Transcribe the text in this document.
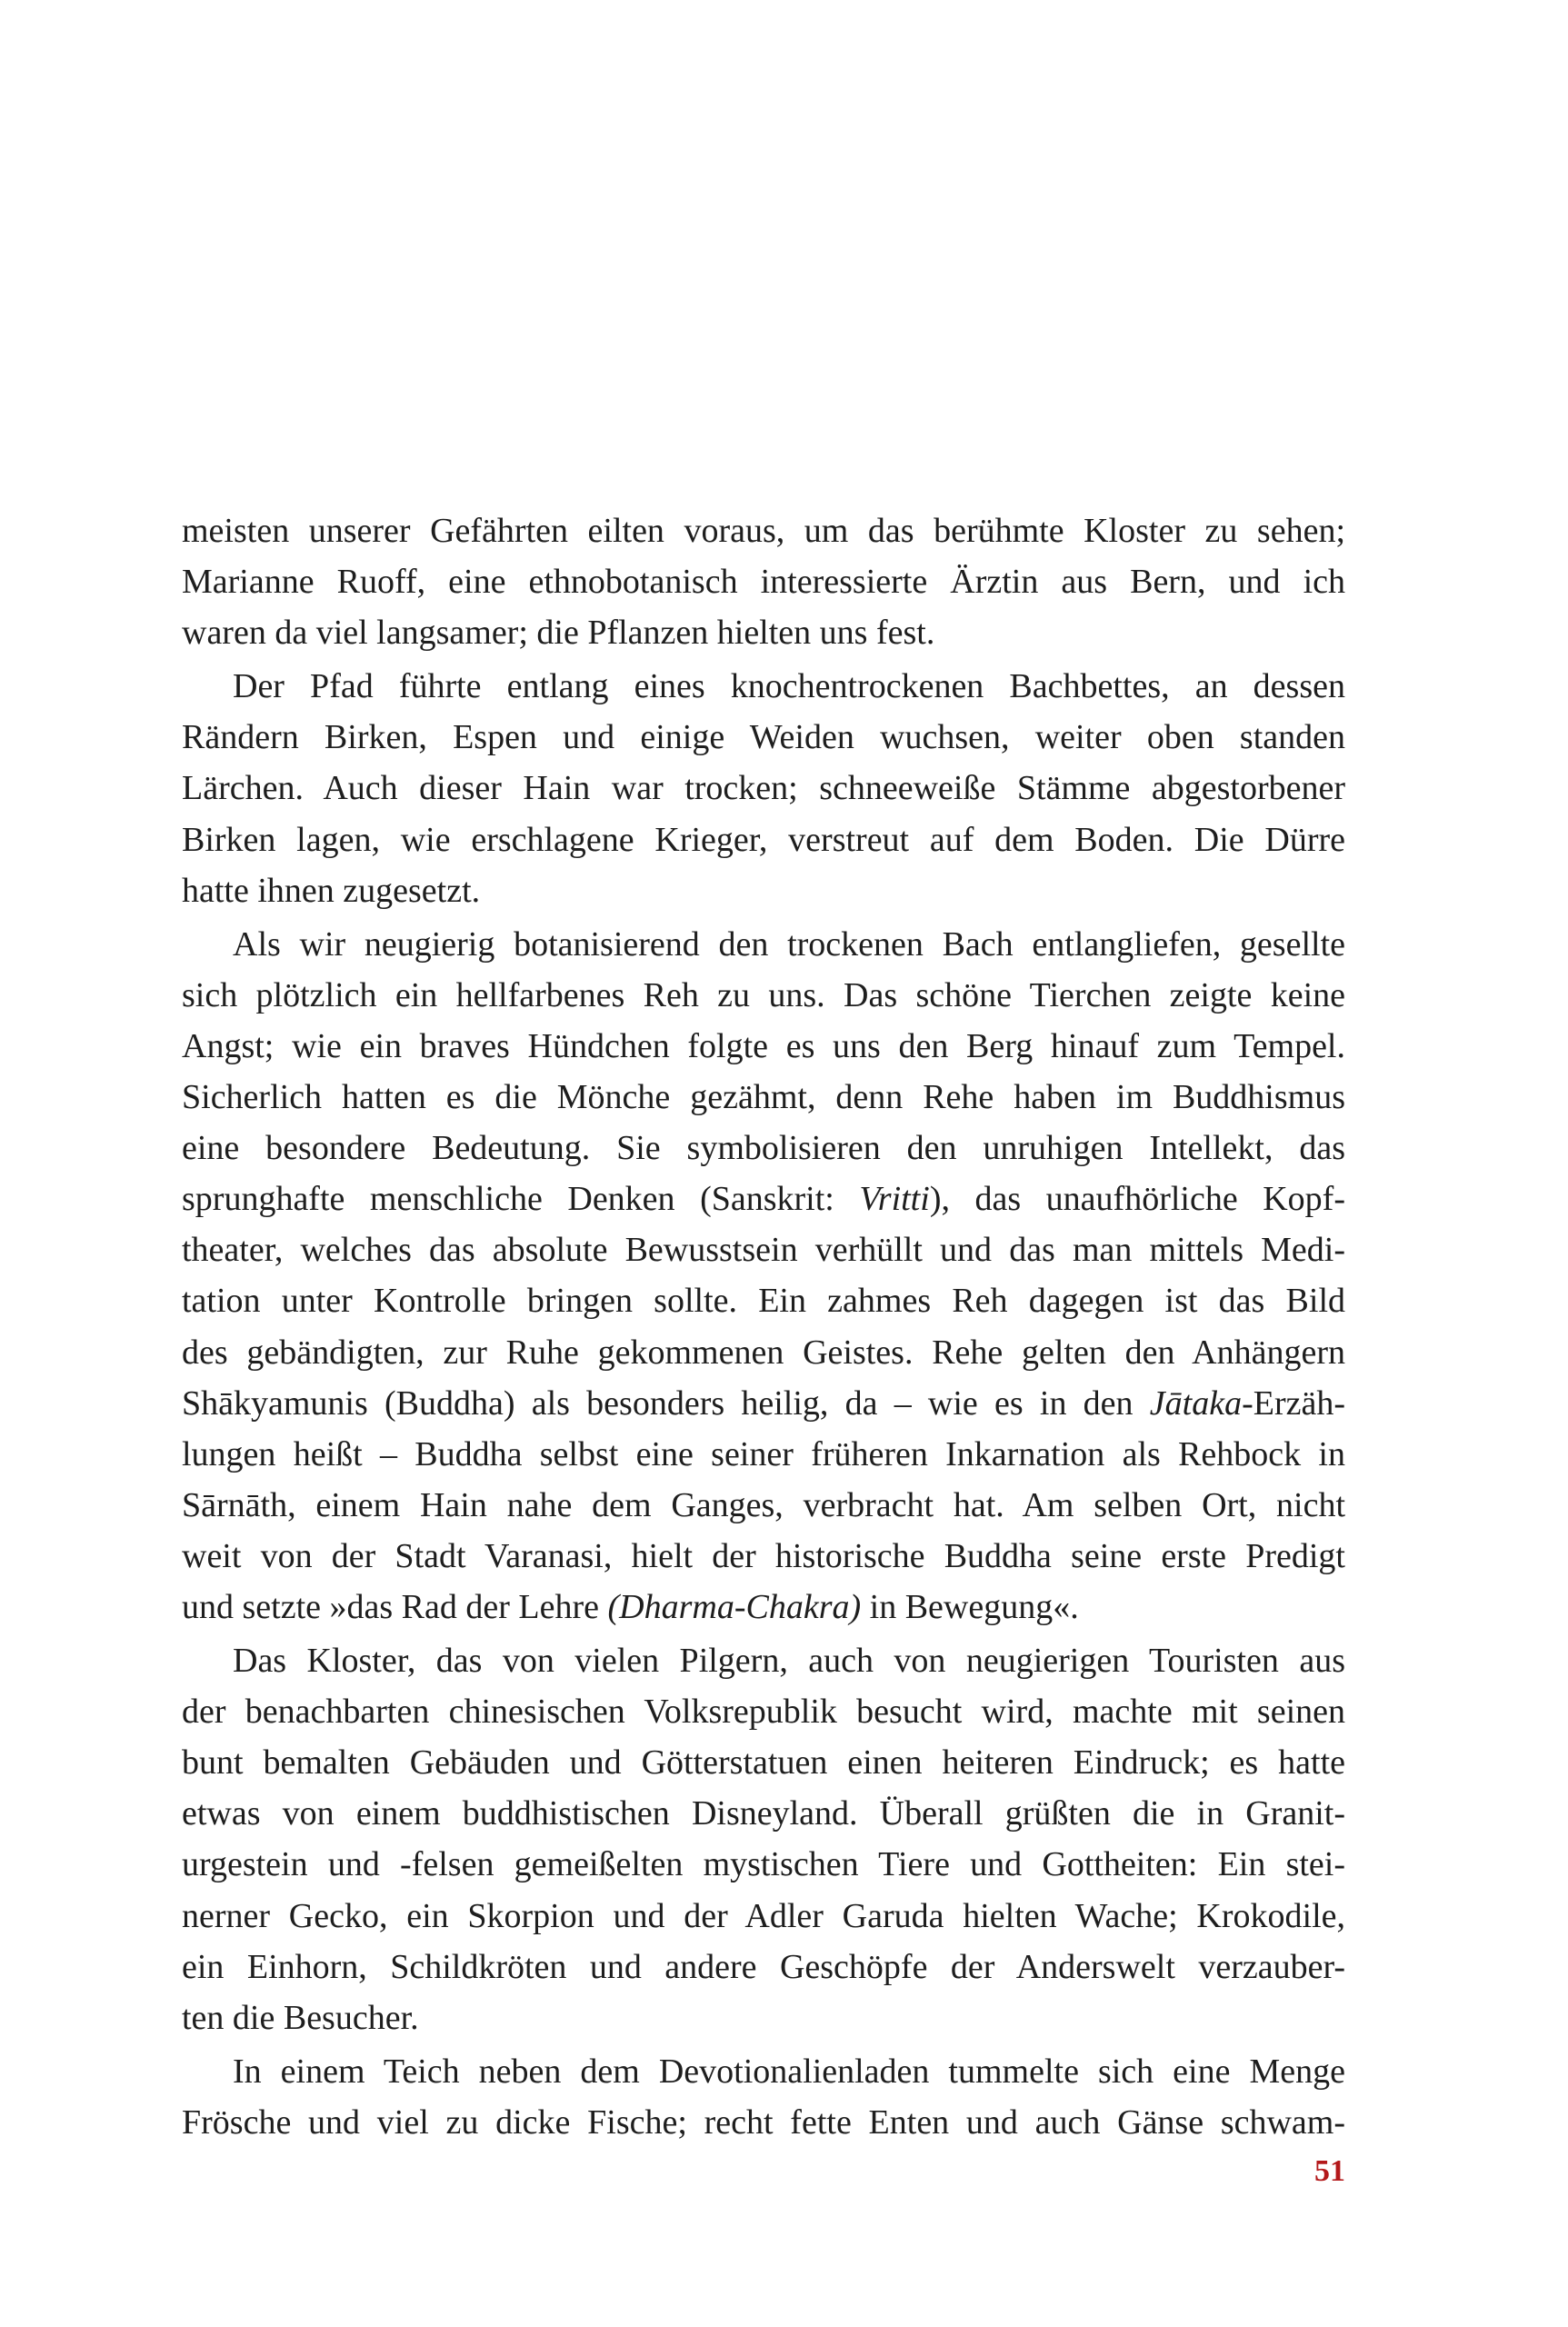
meisten unserer Gefährten eilten voraus, um das berühmte Kloster zu sehen;
Marianne Ruoff, eine ethnobotanisch interessierte Ärztin aus Bern, und ich
waren da viel langsamer; die Pflanzen hielten uns fest.
Der Pfad führte entlang eines knochentrockenen Bachbettes, an dessen
Rändern Birken, Espen und einige Weiden wuchsen, weiter oben standen
Lärchen. Auch dieser Hain war trocken; schneeweiße Stämme abgestorbener
Birken lagen, wie erschlagene Krieger, verstreut auf dem Boden. Die Dürre
hatte ihnen zugesetzt.
Als wir neugierig botanisierend den trockenen Bach entlangliefen, gesellte
sich plötzlich ein hellfarbenes Reh zu uns. Das schöne Tierchen zeigte keine
Angst; wie ein braves Hündchen folgte es uns den Berg hinauf zum Tempel.
Sicherlich hatten es die Mönche gezähmt, denn Rehe haben im Buddhismus
eine besondere Bedeutung. Sie symbolisieren den unruhigen Intellekt, das
sprunghafte menschliche Denken (Sanskrit: Vritti), das unaufhörliche Kopf-
theater, welches das absolute Bewusstsein verhüllt und das man mittels Medi-
tation unter Kontrolle bringen sollte. Ein zahmes Reh dagegen ist das Bild
des gebändigten, zur Ruhe gekommenen Geistes. Rehe gelten den Anhängern
Shākyamunis (Buddha) als besonders heilig, da – wie es in den Jātaka-Erzäh-
lungen heißt – Buddha selbst eine seiner früheren Inkarnation als Rehbock in
Sārnāth, einem Hain nahe dem Ganges, verbracht hat. Am selben Ort, nicht
weit von der Stadt Varanasi, hielt der historische Buddha seine erste Predigt
und setzte »das Rad der Lehre (Dharma-Chakra) in Bewegung«.
Das Kloster, das von vielen Pilgern, auch von neugierigen Touristen aus
der benachbarten chinesischen Volksrepublik besucht wird, machte mit seinen
bunt bemalten Gebäuden und Götterstatuen einen heiteren Eindruck; es hatte
etwas von einem buddhistischen Disneyland. Überall grüßten die in Granit-
urgestein und -felsen gemeißelten mystischen Tiere und Gottheiten: Ein stei-
nerner Gecko, ein Skorpion und der Adler Garuda hielten Wache; Krokodile,
ein Einhorn, Schildkröten und andere Geschöpfe der Anderswelt verzauber-
ten die Besucher.
In einem Teich neben dem Devotionalienladen tummelte sich eine Menge
Frösche und viel zu dicke Fische; recht fette Enten und auch Gänse schwam-
51
